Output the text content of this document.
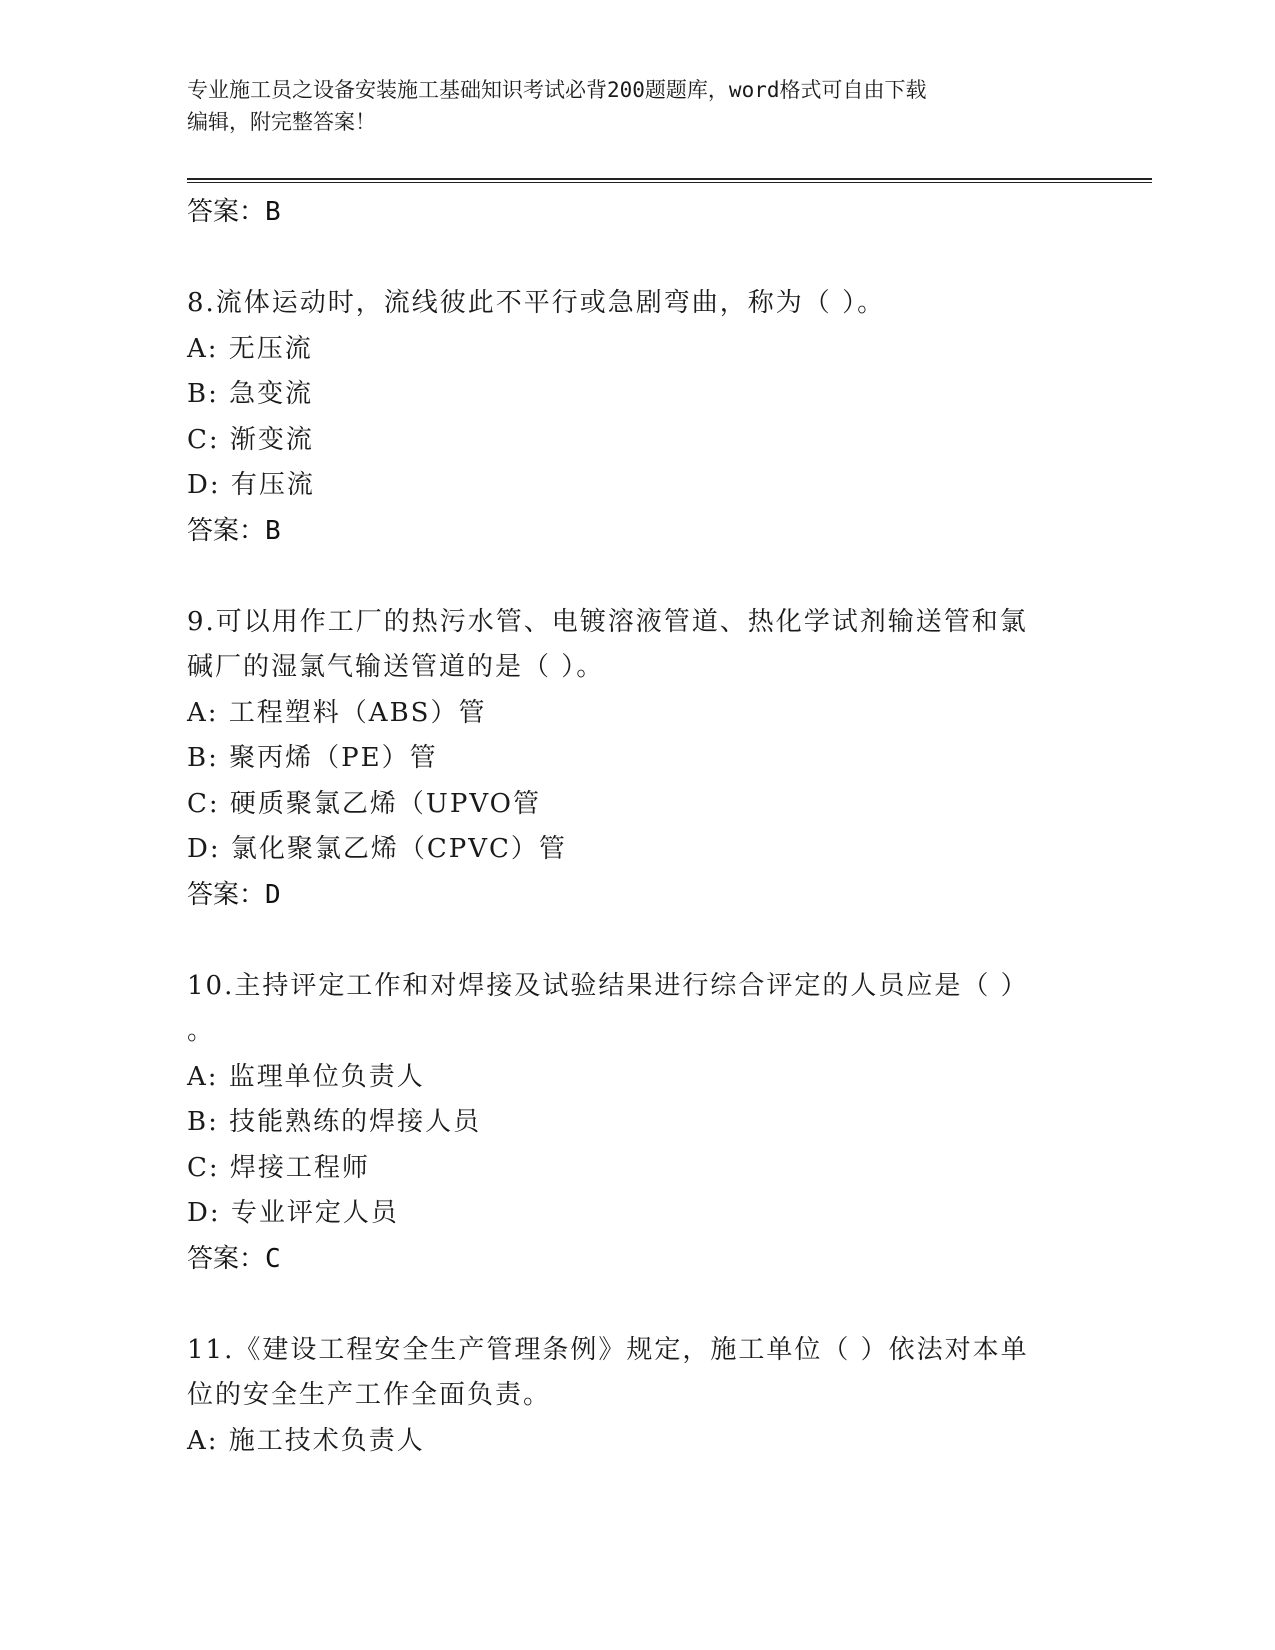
专业施工员之设备安装施工基础知识考试必背200题题库，word格式可自由下载
编辑，附完整答案！
答案：B
8.流体运动时，流线彼此不平行或急剧弯曲，称为（ ）。
A: 无压流
B: 急变流
C: 渐变流
D: 有压流
答案：B
9.可以用作工厂的热污水管、电镀溶液管道、热化学试剂输送管和氯
碱厂的湿氯气输送管道的是（ ）。
A: 工程塑料（ABS）管
B: 聚丙烯（PE）管
C: 硬质聚氯乙烯（UPVO管
D: 氯化聚氯乙烯（CPVC）管
答案：D
10.主持评定工作和对焊接及试验结果进行综合评定的人员应是（ ）
。
A: 监理单位负责人
B: 技能熟练的焊接人员
C: 焊接工程师
D: 专业评定人员
答案：C
11.《建设工程安全生产管理条例》规定，施工单位（ ）依法对本单
位的安全生产工作全面负责。
A: 施工技术负责人
